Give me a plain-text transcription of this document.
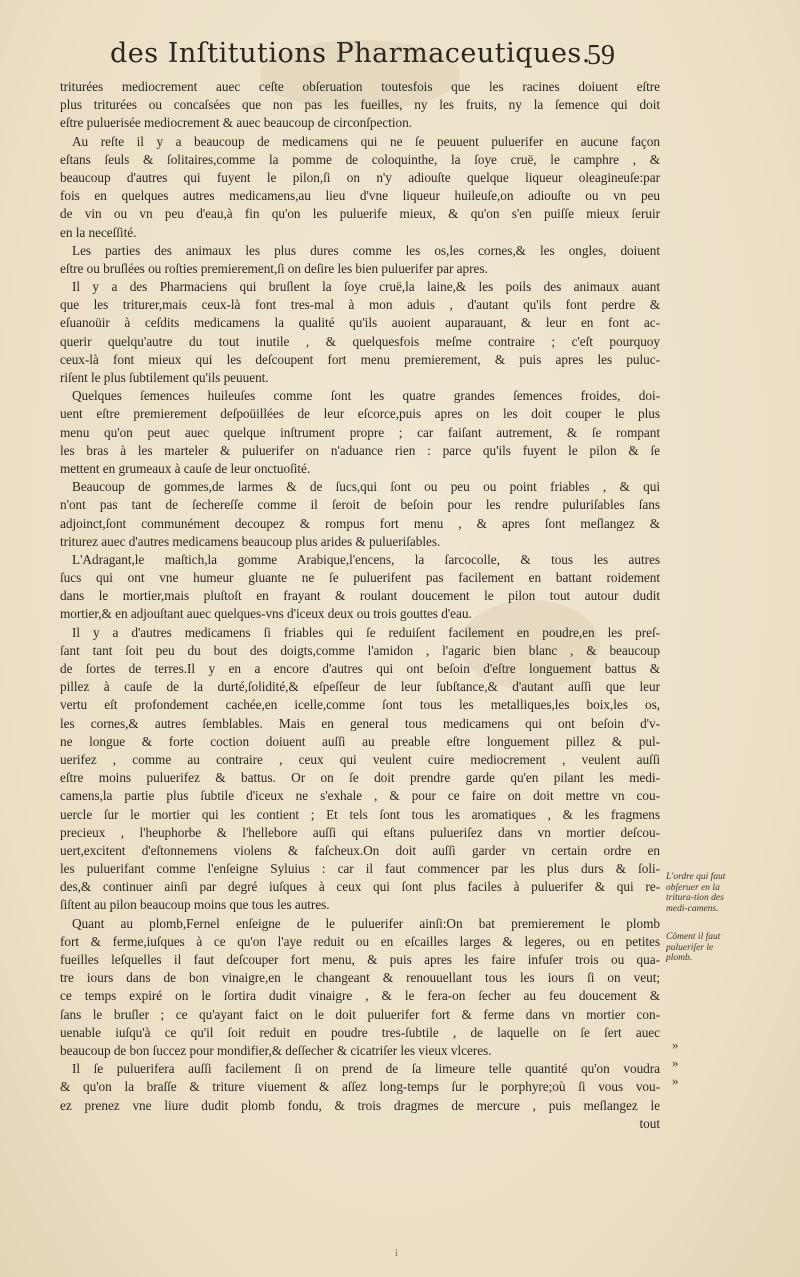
des Inſtitutions Pharmaceutiques.
59
triturées mediocrement auec ceſte obſeruation toutesfois que les racines doiuent eſtre
plus triturées ou concaſsées que non pas les fueilles, ny les fruits, ny la ſemence qui doit
eſtre puluerisée mediocrement & auec beaucoup de circonſpection.
Au reſte il y a beaucoup de medicamens qui ne ſe peuuent puluerifer en aucune façon
eſtans ſeuls & ſolitaires,comme la pomme de coloquinthe, la ſoye cruë, le camphre , &
beaucoup d'autres qui fuyent le pilon,ſi on n'y adiouſte quelque liqueur oleagineuſe:par
fois en quelques autres medicamens,au lieu d'vne liqueur huileuſe,on adiouſte ou vn peu
de vin ou vn peu d'eau,à fin qu'on les puluerife mieux, & qu'on s'en puiſſe mieux ſeruir
en la neceſſité.
Les parties des animaux les plus dures comme les os,les cornes,& les ongles, doiuent
eſtre ou bruſlées ou roſties premierement,ſi on deſire les bien puluerifer par apres.
Il y a des Pharmaciens qui bruſlent la ſoye cruë,la laine,& les poils des animaux auant
que les triturer,mais ceux-là font tres-mal à mon aduis , d'autant qu'ils font perdre &
eſuanoüir à ceſdits medicamens la qualité qu'ils auoient auparauant, & leur en font ac-
querir quelqu'autre du tout inutile , & quelquesfois meſme contraire ; c'eſt pourquoy
ceux-là font mieux qui les deſcoupent fort menu premierement, & puis apres les puluc-
riſent le plus ſubtilement qu'ils peuuent.
Quelques ſemences huileuſes comme ſont les quatre grandes ſemences froides, doi-
uent eſtre premierement deſpoüillées de leur eſcorce,puis apres on les doit couper le plus
menu qu'on peut auec quelque inſtrument propre ; car faiſant autrement, & ſe rompant
les bras à les marteler & puluerifer on n'aduance rien : parce qu'ils fuyent le pilon & ſe
mettent en grumeaux à cauſe de leur onctuoſité.
Beaucoup de gommes,de larmes & de ſucs,qui ſont ou peu ou point friables , & qui
n'ont pas tant de ſechereſſe comme il ſeroit de beſoin pour les rendre puluriſables ſans
adjoinct,ſont communément decoupez & rompus fort menu , & apres ſont meſlangez &
triturez auec d'autres medicamens beaucoup plus arides & pulueriſables.
L'Adragant,le maſtich,la gomme Arabique,l'encens, la ſarcocolle, & tous les autres
ſucs qui ont vne humeur gluante ne ſe puluerifent pas facilement en battant roidement
dans le mortier,mais pluſtoſt en frayant & roulant doucement le pilon tout autour dudit
mortier,& en adjouſtant auec quelques-vns d'iceux deux ou trois gouttes d'eau.
Il y a d'autres medicamens ſi friables qui ſe reduiſent facilement en poudre,en les preſ-
ſant tant ſoit peu du bout des doigts,comme l'amidon , l'agaric bien blanc , & beaucoup
de ſortes de terres.Il y en a encore d'autres qui ont beſoin d'eſtre longuement battus &
pillez à cauſe de la durté,ſolidité,& eſpeſſeur de leur ſubſtance,& d'autant auſſi que leur
vertu eſt profondement cachée,en icelle,comme ſont tous les metalliques,les boix,les os,
les cornes,& autres ſemblables. Mais en general tous medicamens qui ont beſoin d'v-
ne longue & forte coction doiuent auſſi au preable eſtre longuement pillez & pul-
uerifez , comme au contraire , ceux qui veulent cuire mediocrement , veulent auſſi
eſtre moins puluerifez & battus. Or on ſe doit prendre garde qu'en pilant les medi-
camens,la partie plus ſubtile d'iceux ne s'exhale , & pour ce faire on doit mettre vn cou-
uercle ſur le mortier qui les contient ; Et tels ſont tous les aromatiques , & les fragmens
precieux , l'heuphorbe & l'hellebore auſſi qui eſtans pulueriſez dans vn mortier deſcou-
uert,excitent d'eſtonnemens violens & faſcheux.On doit auſſi garder vn certain ordre en
les puluerifant comme l'enſeigne Syluius : car il faut commencer par les plus durs & ſoli-
des,& continuer ainſi par degré iuſques à ceux qui ſont plus faciles à puluerifer & qui re-
ſiſtent au pilon beaucoup moins que tous les autres.
Quant au plomb,Fernel enſeigne de le puluerifer ainſi:On bat premierement le plomb
fort & ferme,iuſques à ce qu'on l'aye reduit ou en eſcailles larges & legeres, ou en petites
fueilles leſquelles il faut deſcouper fort menu, & puis apres les faire infuſer trois ou qua-
tre iours dans de bon vinaigre,en le changeant & renouuellant tous les iours ſi on veut;
ce temps expiré on le ſortira dudit vinaigre , & le fera-on ſecher au feu doucement &
ſans le bruſler ; ce qu'ayant faict on le doit puluerifer fort & ferme dans vn mortier con-
uenable iuſqu'à ce qu'il ſoit reduit en poudre tres-ſubtile , de laquelle on ſe ſert auec
beaucoup de bon ſuccez pour mondifier,& deſſecher & cicatriſer les vieux vlceres.
Il ſe puluerifera auſſi facilement ſi on prend de ſa limeure telle quantité qu'on voudra
& qu'on la braſſe & triture viuement & aſſez long-temps ſur le porphyre;où ſi vous vou-
ez prenez vne liure dudit plomb fondu, & trois dragmes de mercure , puis meſlangez le
tout
L'ordre qui faut obſeruer en la tritura-tion des medi-camens.
Côment il faut pulueriſer le plomb.
»
»
»
i
